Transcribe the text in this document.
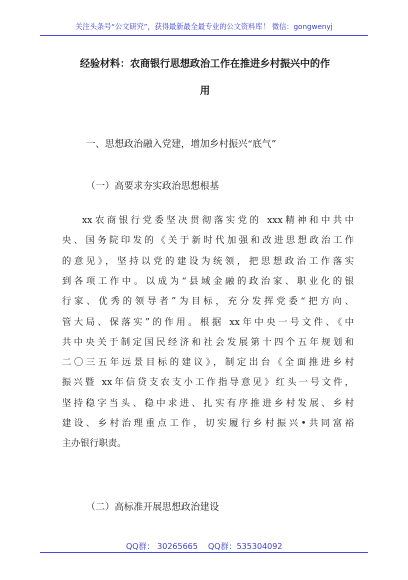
关注头条号“公文研究”，获得最新最全最专业的公文资料库！ 微信：gongwenyj
经验材料：农商银行思想政治工作在推进乡村振兴中的作
用
一、思想政治融入党建，增加乡村振兴“底气”
（一）高要求夯实政治思想根基
xx农商银行党委坚决贯彻落实党的 xxx精神和中共中
央、国务院印发的《关于新时代加强和改进思想政治工作
的意见》，坚持以党的建设为统领，把思想政治工作落实
到各项工作中。以成为“县域金融的政治家、职业化的银
行家、优秀的领导者”为目标，充分发挥党委“把方向、
管大局、保落实”的作用。根据 xx年中央一号文件、《中
共中央关于制定国民经济和社会发展第十四个五年规划和
二〇三五年远景目标的建议》，制定出台《全面推进乡村
振兴暨 xx年信贷支农支小工作指导意见》红头一号文件，
坚持稳字当头、稳中求进、扎实有序推进乡村发展、乡村
建设、乡村治理重点工作，切实履行乡村振兴•共同富裕
主办银行职责。
（二）高标准开展思想政治建设
QQ群： 30265665 QQ群：535304092
